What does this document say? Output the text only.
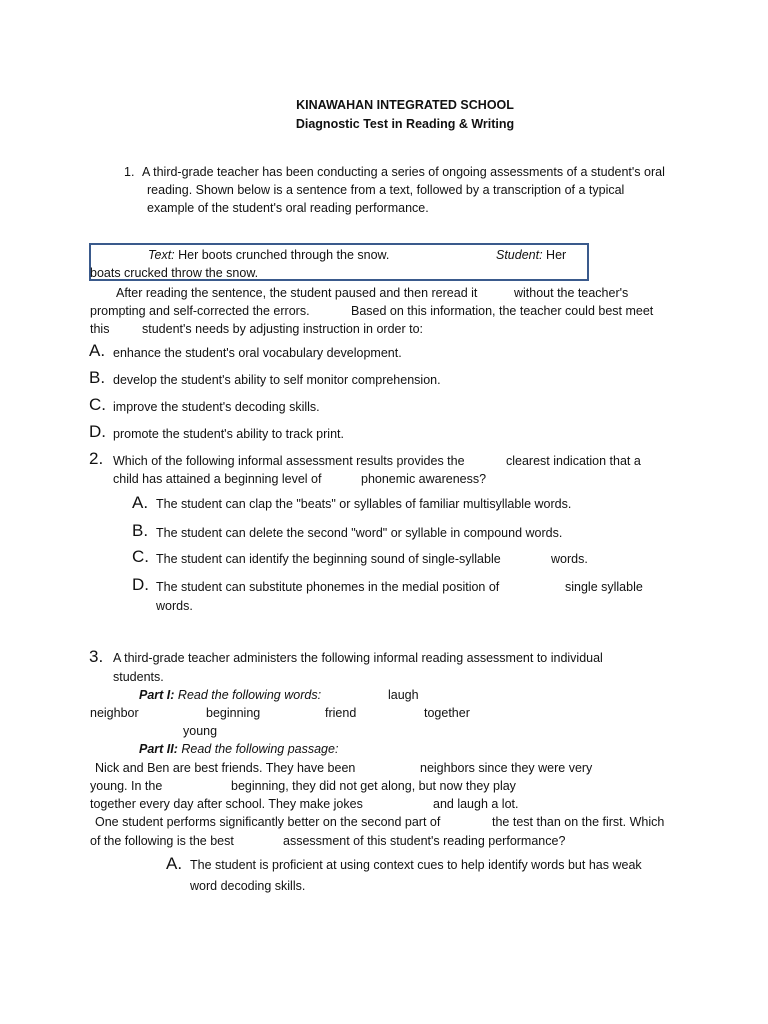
KINAWAHAN INTEGRATED SCHOOL
Diagnostic Test in Reading & Writing
1. A third-grade teacher has been conducting a series of ongoing assessments of a student's oral
reading. Shown below is a sentence from a text, followed by a transcription of a typical
example of the student's oral reading performance.
Text: Her boots crunched through the snow.	Student: Her
boats crucked throw the snow.
After reading the sentence, the student paused and then reread it	without the teacher's
prompting and self-corrected the errors.	Based on this information, the teacher could best meet
this	student's needs by adjusting instruction in order to:
A. enhance the student's oral vocabulary development.
B. develop the student's ability to self monitor comprehension.
C. improve the student's decoding skills.
D. promote the student's ability to track print.
2. Which of the following informal assessment results provides the	clearest indication that a
child has attained a beginning level of	phonemic awareness?
A. The student can clap the "beats" or syllables of familiar multisyllable words.
B. The student can delete the second "word" or syllable in compound words.
C. The student can identify the beginning sound of single-syllable	words.
D. The student can substitute phonemes in the medial position of	single syllable
words.
3. A third-grade teacher administers the following informal reading assessment to individual
students.
Part I: Read the following words:	laugh
neighbor	beginning	friend	together
young
Part II: Read the following passage:
Nick and Ben are best friends. They have been	neighbors since they were very
young. In the	beginning, they did not get along, but now they play
together every day after school. They make jokes	and laugh a lot.
One student performs significantly better on the second part of	the test than on the first. Which
of the following is the best	assessment of this student's reading performance?
A. The student is proficient at using context cues to help identify words but has weak
word decoding skills.
